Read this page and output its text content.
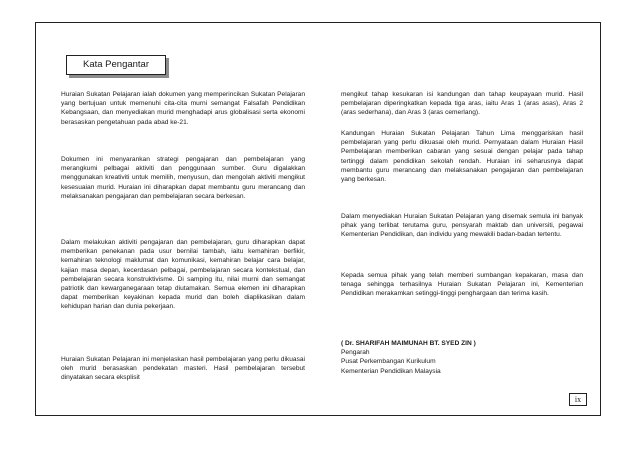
Kata Pengantar

Huraian Sukatan Pelajaran ialah dokumen yang memperincikan Sukatan Pelajaran yang bertujuan untuk memenuhi cita-cita murni semangat Falsafah Pendidikan Kebangsaan, dan menyediakan murid menghadapi arus globalisasi serta ekonomi berasaskan pengetahuan pada abad ke-21.

Dokumen ini menyarankan strategi pengajaran dan pembelajaran yang merangkumi pelbagai aktiviti dan penggunaan sumber. Guru digalakkan menggunakan kreativiti untuk memilih, menyusun, dan mengolah aktiviti mengikut kesesuaian murid. Huraian ini diharapkan dapat membantu guru merancang dan melaksanakan pengajaran dan pembelajaran secara berkesan.

Dalam melakukan aktiviti pengajaran dan pembelajaran, guru diharapkan dapat memberikan penekanan pada usur bernilai tambah, iaitu kemahiran berfikir, kemahiran teknologi maklumat dan komunikasi, kemahiran belajar cara belajar, kajian masa depan, kecerdasan pelbagai, pembelajaran secara kontekstual, dan pembelajaran secara konstruktivisme. Di samping itu, nilai murni dan semangat patriotik dan kewarganegaraan tetap diutamakan. Semua elemen ini diharapkan dapat memberikan keyakinan kepada murid dan boleh diaplikasikan dalam kehidupan harian dan dunia pekerjaan.

Huraian Sukatan Pelajaran ini menjelaskan hasil pembelajaran yang perlu dikuasai oleh murid berasaskan pendekatan masteri. Hasil pembelajaran tersebut dinyatakan secara eksplisit

mengikut tahap kesukaran isi kandungan dan tahap keupayaan murid. Hasil pembelajaran diperingkatkan kepada tiga aras, iaitu Aras 1 (aras asas), Aras 2 (aras sederhana), dan Aras 3 (aras cemerlang).

Kandungan Huraian Sukatan Pelajaran Tahun Lima menggariskan hasil pembelajaran yang perlu dikuasai oleh murid. Pernyataan dalam Huraian Hasil Pembelajaran memberikan cabaran yang sesuai dengan pelajar pada tahap tertinggi dalam pendidikan sekolah rendah. Huraian ini seharusnya dapat membantu guru merancang dan melaksanakan pengajaran dan pembelajaran yang berkesan.

Dalam menyediakan Huraian Sukatan Pelajaran yang disemak semula ini banyak pihak yang terlibat terutama guru, pensyarah maktab dan universiti, pegawai Kementerian Pendidikan, dan individu yang mewakili badan-badan tertentu.

Kepada semua pihak yang telah memberi sumbangan kepakaran, masa dan tenaga sehingga terhasilnya Huraian Sukatan Pelajaran ini, Kementerian Pendidikan merakamkan setinggi-tinggi penghargaan dan terima kasih.

( Dr. SHARIFAH MAIMUNAH BT. SYED ZIN )
Pengarah
Pusat Perkembangan Kurikulum
Kementerian Pendidikan Malaysia
ix
